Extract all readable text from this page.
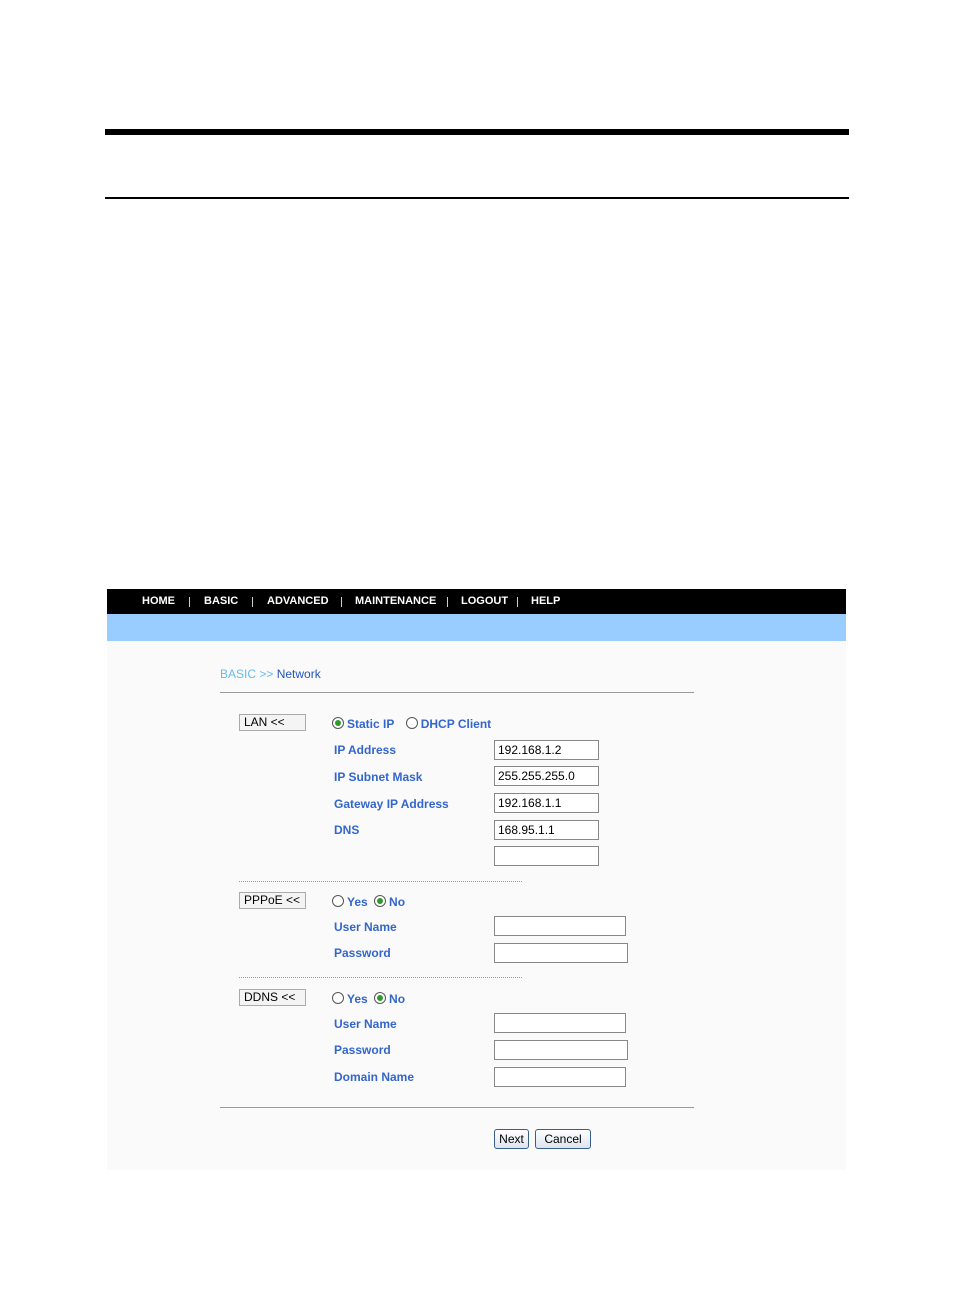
HOME	BASIC	ADVANCED MAINTENANCE LOGOUT HELP
BASIC >> Network
LAN <<	Static IP DHCP Client
IP Address
192.168.1.2
IP Subnet Mask
255.255.255.0
Gateway IP Address
192.168.1.1
DNS
168.95.1.1
PPPoE <<	Yes No
User Name
Password
DDNS <<	Yes No
User Name
Password
Domain Name
Next	Cancel
